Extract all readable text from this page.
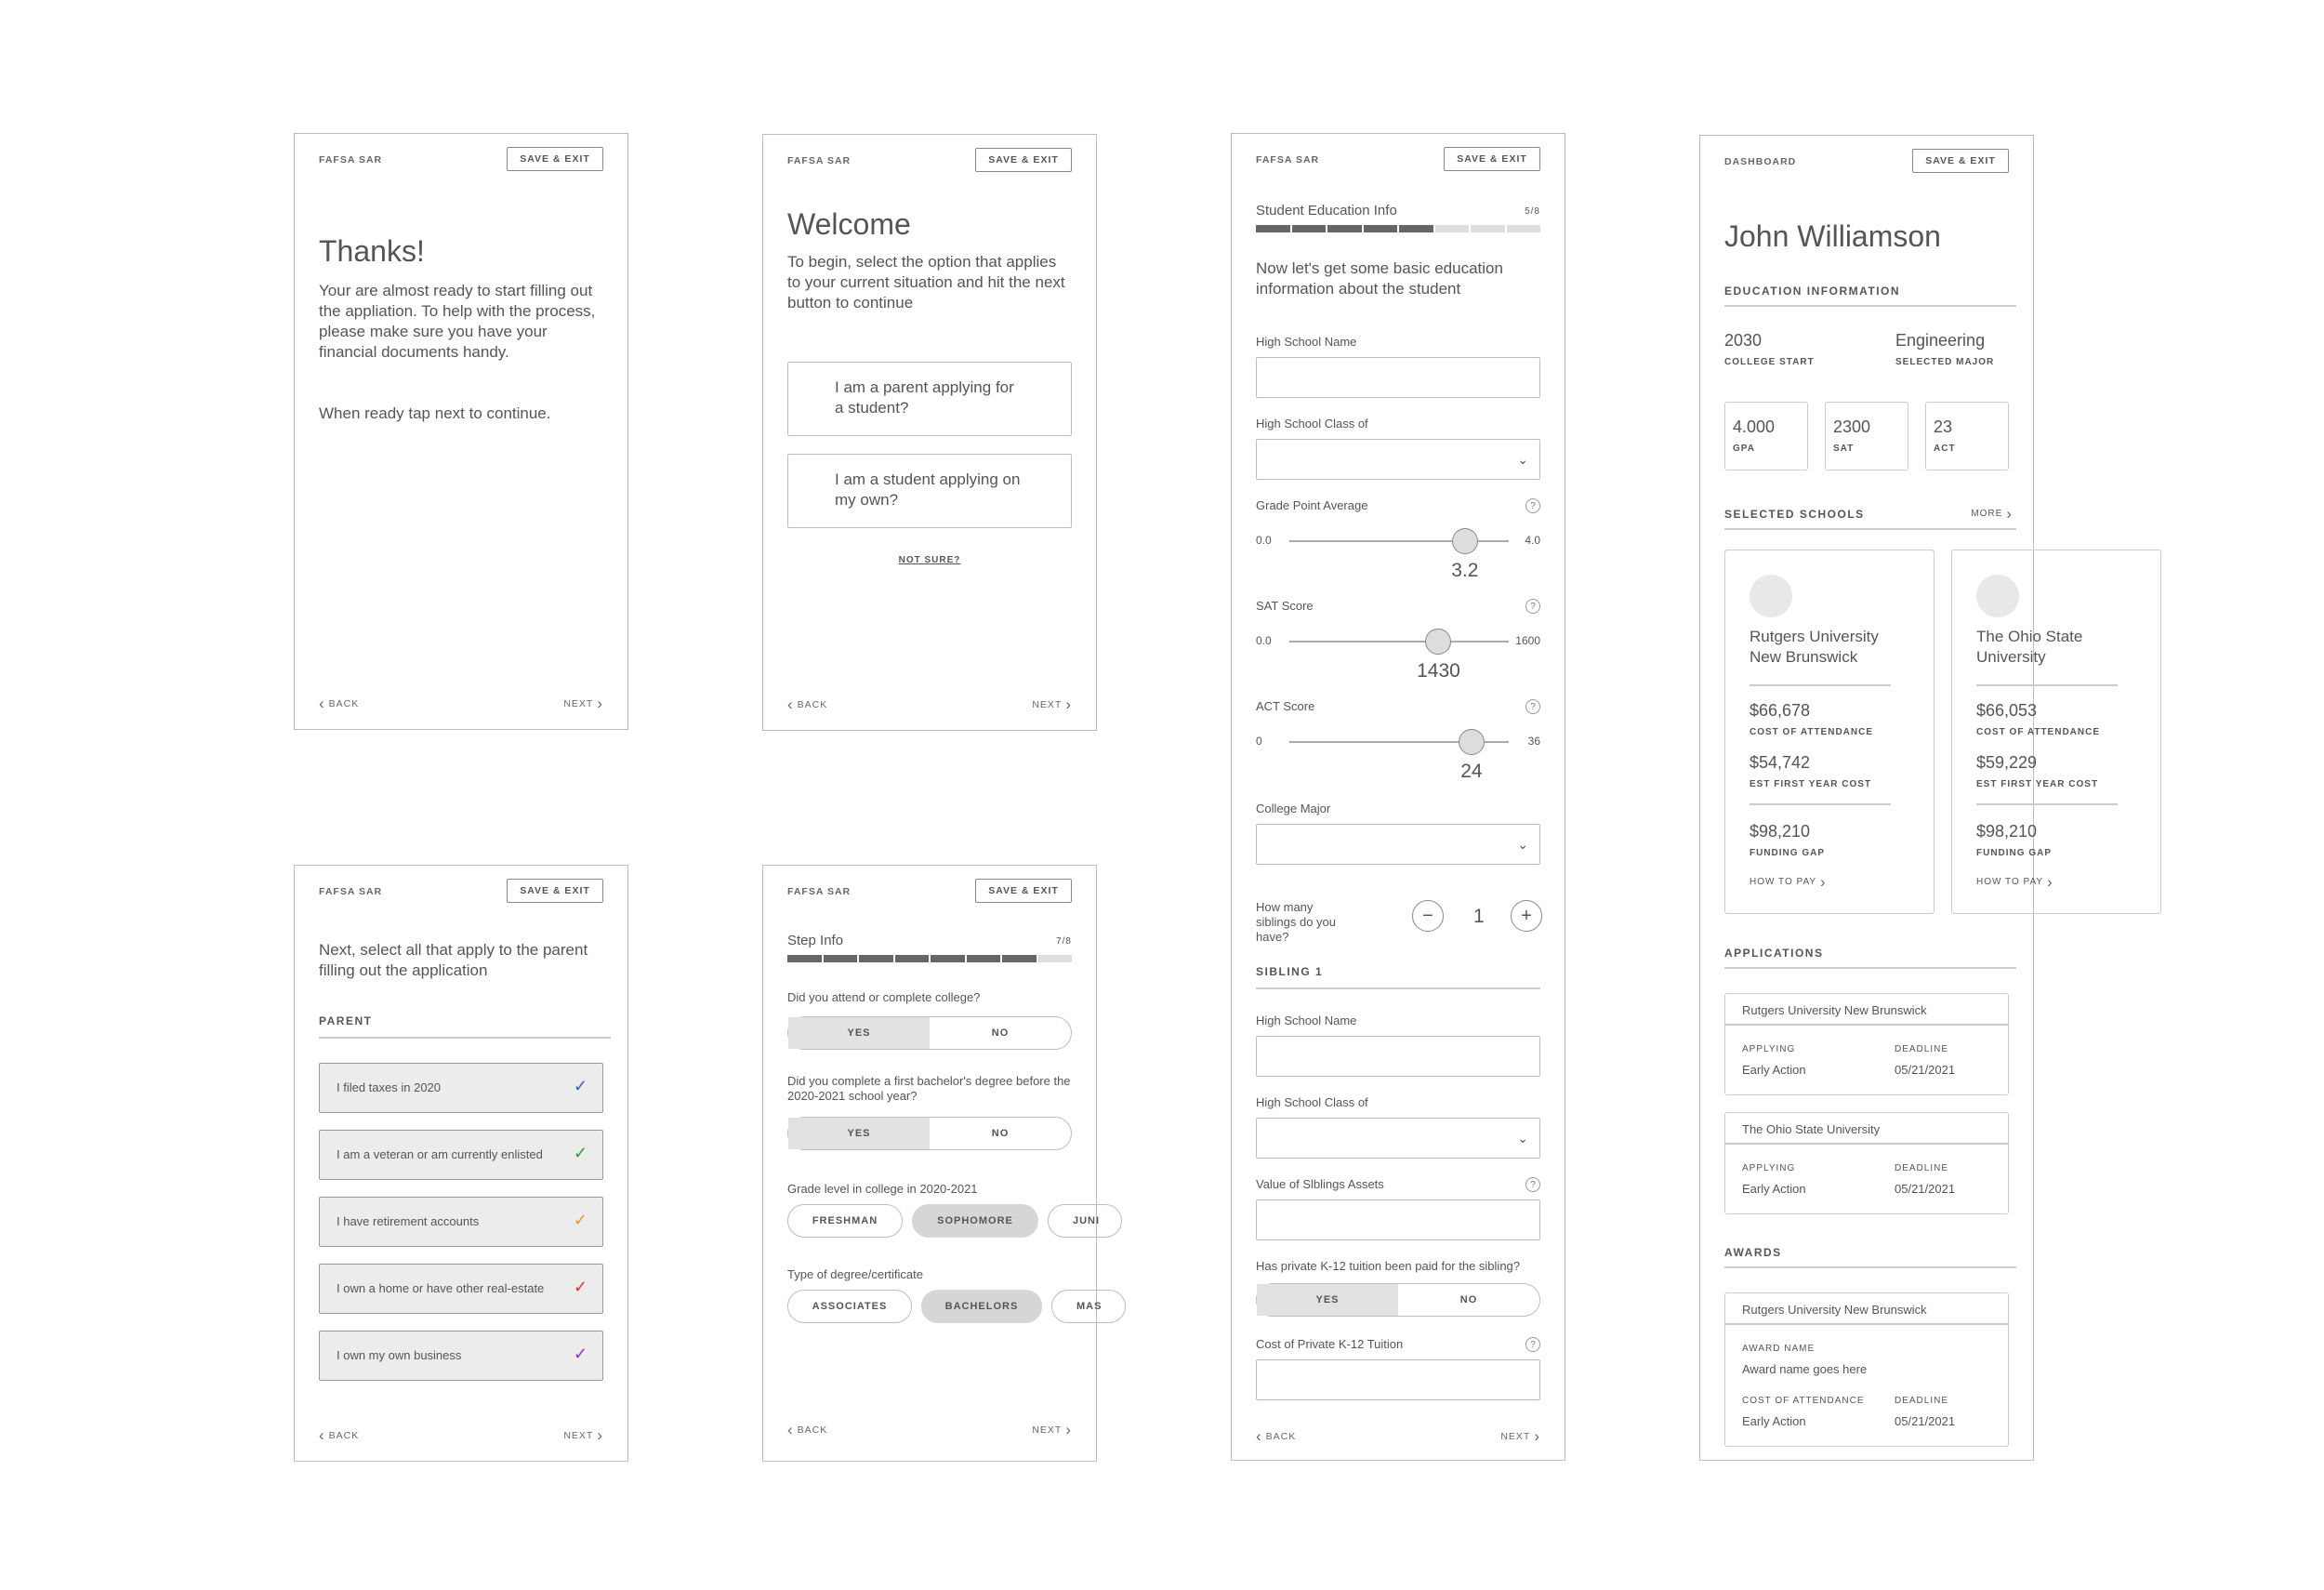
FAFSA SAR	SAVE & EXIT
Thanks!
Your are almost ready to start filling out the appliation. To help with the process, please make sure you have your financial documents handy.
When ready tap next to continue.
‹ BACK	NEXT ›
FAFSA SAR	SAVE & EXIT
Welcome
To begin, select the option that applies to your current situation and hit the next button to continue
I am a parent applying for a student?
I am a student applying on my own?
NOT SURE?
‹ BACK	NEXT ›
FAFSA SAR	SAVE & EXIT
Student Education Info	5/8
Now let's get some basic education information about the student
High School Name
High School Class of
⌄
Grade Point Average	?
0.0	4.0
3.2
SAT Score	?
0.0	1600
1430
ACT Score	?
0	36
24
College Major
⌄
How many siblings do you have?
− 1 +
SIBLING 1
High School Name
High School Class of
⌄
Value of Slblings Assets	?
Has private K-12 tuition been paid for the sibling?
YES	NO
Cost of Private K-12 Tuition	?
‹ BACK	NEXT ›
DASHBOARD	SAVE & EXIT
John Williamson
EDUCATION INFORMATION
2030
COLLEGE START
Engineering
SELECTED MAJOR
4.000
GPA
2300
SAT
23
ACT
SELECTED SCHOOLS	MORE ›
Rutgers University New Brunswick
$66,678
COST OF ATTENDANCE
$54,742
EST FIRST YEAR COST
$98,210
FUNDING GAP
HOW TO PAY ›
The Ohio State University
$66,053
COST OF ATTENDANCE
$59,229
EST FIRST YEAR COST
$98,210
FUNDING GAP
HOW TO PAY ›
APPLICATIONS
Rutgers University New Brunswick
APPLYING
Early Action
DEADLINE
05/21/2021
The Ohio State University
APPLYING
Early Action
DEADLINE
05/21/2021
AWARDS
Rutgers University New Brunswick
AWARD NAME
Award name goes here
COST OF ATTENDANCE
Early Action
DEADLINE
05/21/2021
FAFSA SAR	SAVE & EXIT
Next, select all that apply to the parent filling out the application
PARENT
I filed taxes in 2020	✓
I am a veteran or am currently enlisted ✓
I have retirement accounts	✓
I own a home or have other real-estate ✓
I own my own business	✓
‹ BACK	NEXT ›
FAFSA SAR	SAVE & EXIT
Step Info	7/8
Did you attend or complete college?
YES	NO
Did you complete a first bachelor's degree before the 2020-2021 school year?
YES	NO
Grade level in college in 2020-2021
FRESHMAN	SOPHOMORE	JUNI
Type of degree/certificate
ASSOCIATES	BACHELORS	MAS
‹ BACK	NEXT ›
